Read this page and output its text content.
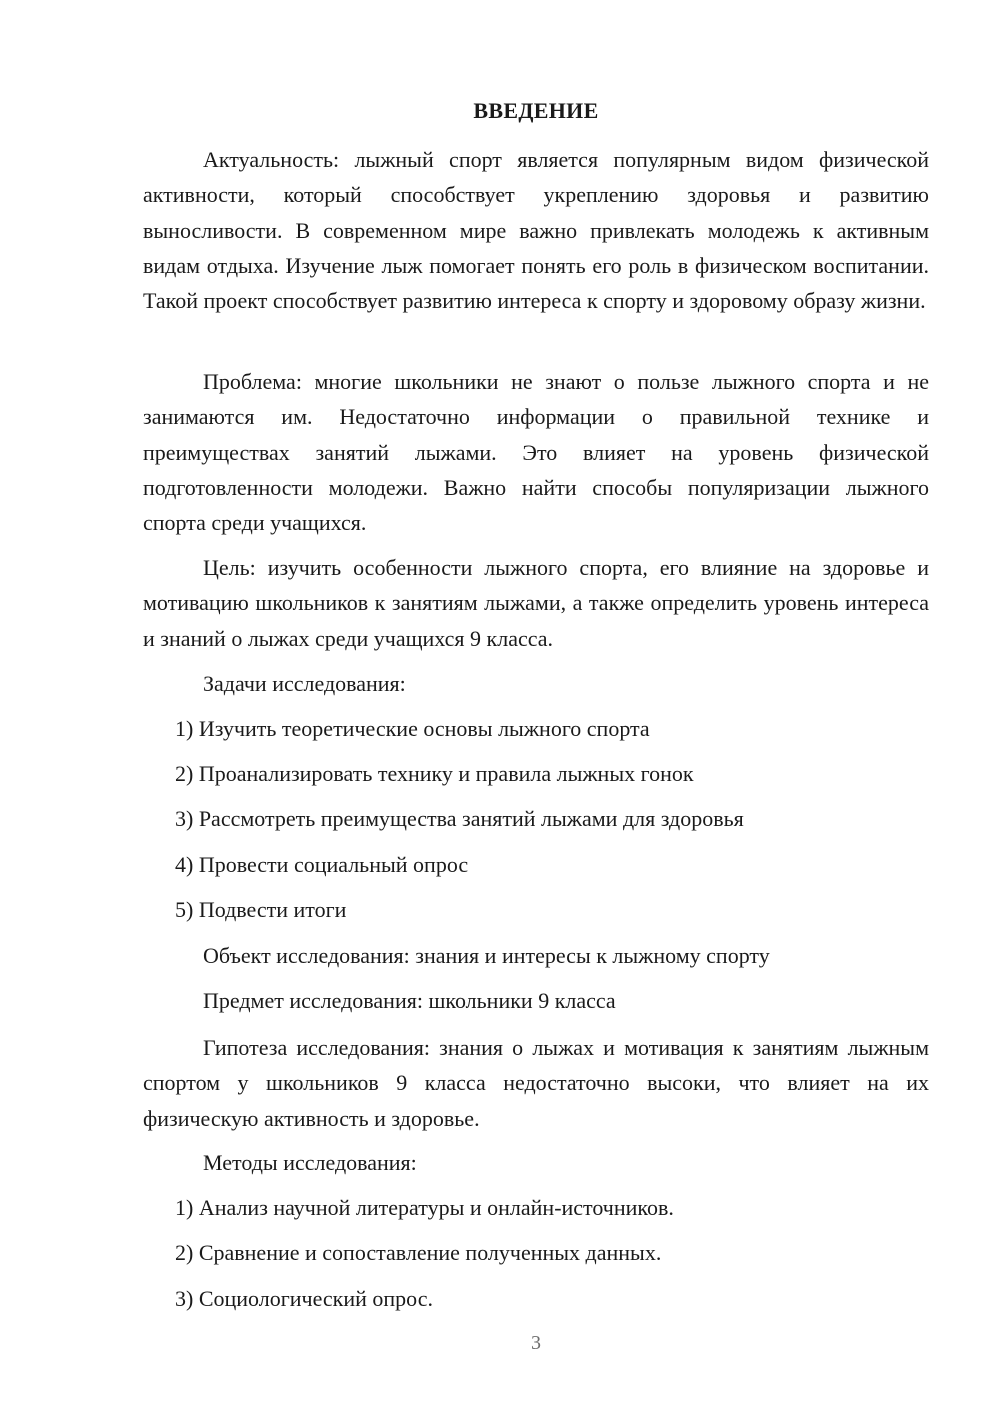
ВВЕДЕНИЕ

Актуальность: лыжный спорт является популярным видом физической активности, который способствует укреплению здоровья и развитию выносливости. В современном мире важно привлекать молодежь к активным видам отдыха. Изучение лыж помогает понять его роль в физическом воспитании. Такой проект способствует развитию интереса к спорту и здоровому образу жизни.

Проблема: многие школьники не знают о пользе лыжного спорта и не занимаются им. Недостаточно информации о правильной технике и преимуществах занятий лыжами. Это влияет на уровень физической подготовленности молодежи. Важно найти способы популяризации лыжного спорта среди учащихся.

Цель: изучить особенности лыжного спорта, его влияние на здоровье и мотивацию школьников к занятиям лыжами, а также определить уровень интереса и знаний о лыжах среди учащихся 9 класса.

Задачи исследования:
1) Изучить теоретические основы лыжного спорта
2) Проанализировать технику и правила лыжных гонок
3) Рассмотреть преимущества занятий лыжами для здоровья
4) Провести социальный опрос
5) Подвести итоги
Объект исследования: знания и интересы к лыжному спорту
Предмет исследования: школьники 9 класса

Гипотеза исследования: знания о лыжах и мотивация к занятиям лыжным спортом у школьников 9 класса недостаточно высоки, что влияет на их физическую активность и здоровье.

Методы исследования:
1) Анализ научной литературы и онлайн-источников.
2) Сравнение и сопоставление полученных данных.
3) Социологический опрос.
3
